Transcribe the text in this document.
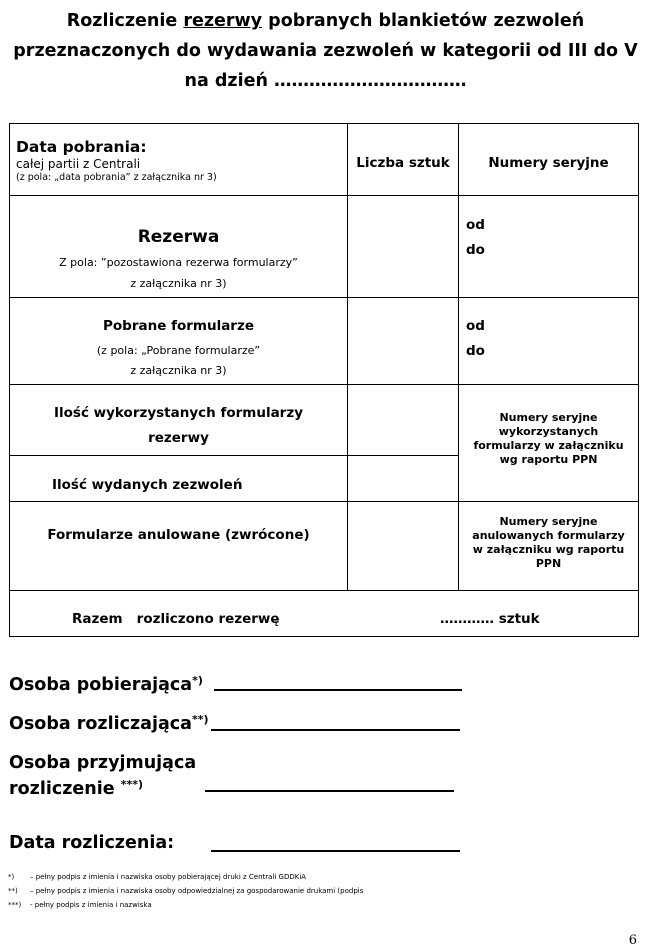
Rozliczenie rezerwy pobranych blankietów zezwoleń
przeznaczonych do wydawania zezwoleń w kategorii od III do V
na dzień ……………………………
Data pobrania:
całej partii z Centrali
(z pola: „data pobrania” z załącznika nr 3)
Liczba sztuk	Numery seryjne
Rezerwa
Z pola: ”pozostawiona rezerwa formularzy”
z załącznika nr 3)
od
do
Pobrane formularze
(z pola: „Pobrane formularze”
z załącznika nr 3)
od
do
Ilość wykorzystanych formularzy
rezerwy
Ilość wydanych zezwoleń
Numery seryjne
wykorzystanych
formularzy w załączniku
wg raportu PPN
Formularze anulowane (zwrócone)
Numery seryjne
anulowanych formularzy
w załączniku wg raportu
PPN
Razem   rozliczono rezerwę	………… sztuk
Osoba pobierająca*)
Osoba rozliczająca**)
Osoba przyjmująca
rozliczenie ***)
Data rozliczenia:
*) – pełny podpis z imienia i nazwiska osoby pobierającej druki z Centrali GDDKiA
**) – pełny podpis z imienia i nazwiska osoby odpowiedzialnej za gospodarowanie drukami (podpis
***) - pełny podpis z imienia i nazwiska
6
